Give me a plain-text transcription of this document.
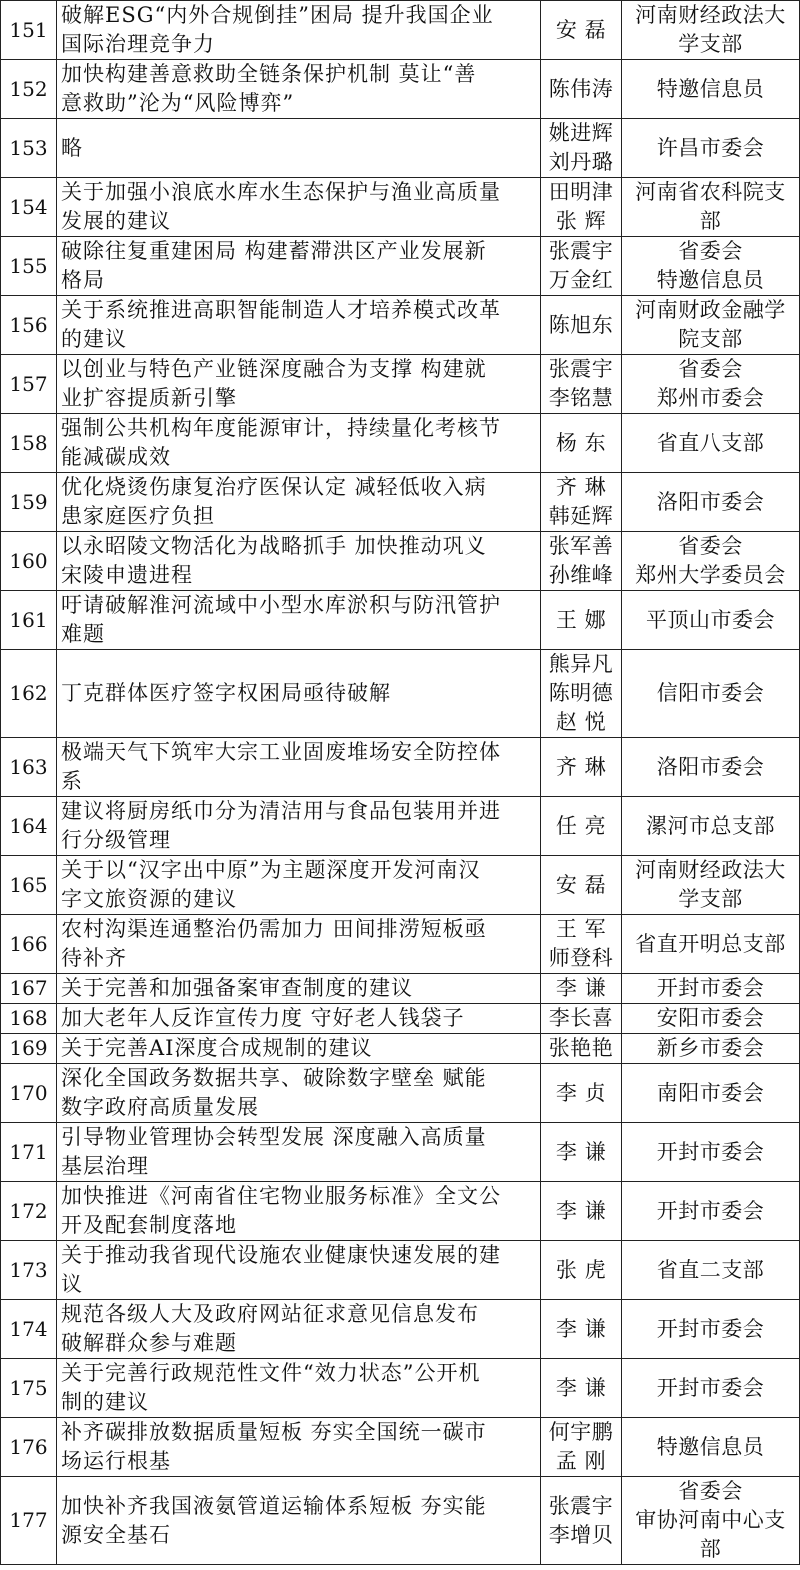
151	破解ESG“内外合规倒挂”困局 提升我国企业
国际治理竞争力	安 磊	河南财经政法大
学支部

152	加快构建善意救助全链条保护机制 莫让“善
意救助”沦为“风险博弈”	陈伟涛	特邀信息员

153	略	姚进辉
刘丹璐	许昌市委会

154	关于加强小浪底水库水生态保护与渔业高质量
发展的建议	田明津
张 辉	河南省农科院支
部

155	破除往复重建困局 构建蓄滞洪区产业发展新
格局	张震宇
万金红	省委会
特邀信息员

156	关于系统推进高职智能制造人才培养模式改革
的建议	陈旭东	河南财政金融学
院支部

157	以创业与特色产业链深度融合为支撑 构建就
业扩容提质新引擎	张震宇
李铭慧	省委会
郑州市委会

158	强制公共机构年度能源审计，持续量化考核节
能减碳成效	杨 东	省直八支部

159	优化烧烫伤康复治疗医保认定 减轻低收入病
患家庭医疗负担	齐 琳
韩延辉	洛阳市委会

160	以永昭陵文物活化为战略抓手 加快推动巩义
宋陵申遗进程	张军善
孙维峰	省委会
郑州大学委员会

161	吁请破解淮河流域中小型水库淤积与防汛管护
难题	王 娜	平顶山市委会

162	丁克群体医疗签字权困局亟待破解	熊异凡
陈明德
赵 悦	信阳市委会

163	极端天气下筑牢大宗工业固废堆场安全防控体
系	齐 琳	洛阳市委会

164	建议将厨房纸巾分为清洁用与食品包装用并进
行分级管理	任 亮	漯河市总支部

165	关于以“汉字出中原”为主题深度开发河南汉
字文旅资源的建议	安 磊	河南财经政法大
学支部

166	农村沟渠连通整治仍需加力 田间排涝短板亟
待补齐	王 军
师登科	省直开明总支部

167	关于完善和加强备案审查制度的建议	李 谦	开封市委会

168	加大老年人反诈宣传力度 守好老人钱袋子	李长喜	安阳市委会

169	关于完善AI深度合成规制的建议	张艳艳	新乡市委会

170	深化全国政务数据共享、破除数字壁垒 赋能
数字政府高质量发展	李 贞	南阳市委会

171	引导物业管理协会转型发展 深度融入高质量
基层治理	李 谦	开封市委会

172	加快推进《河南省住宅物业服务标准》全文公
开及配套制度落地	李 谦	开封市委会

173	关于推动我省现代设施农业健康快速发展的建
议	张 虎	省直二支部

174	规范各级人大及政府网站征求意见信息发布
破解群众参与难题	李 谦	开封市委会

175	关于完善行政规范性文件“效力状态”公开机
制的建议	李 谦	开封市委会

176	补齐碳排放数据质量短板 夯实全国统一碳市
场运行根基	何宇鹏
孟 刚	特邀信息员

177	加快补齐我国液氨管道运输体系短板 夯实能
源安全基石	张震宇
李增贝	省委会
审协河南中心支
部
